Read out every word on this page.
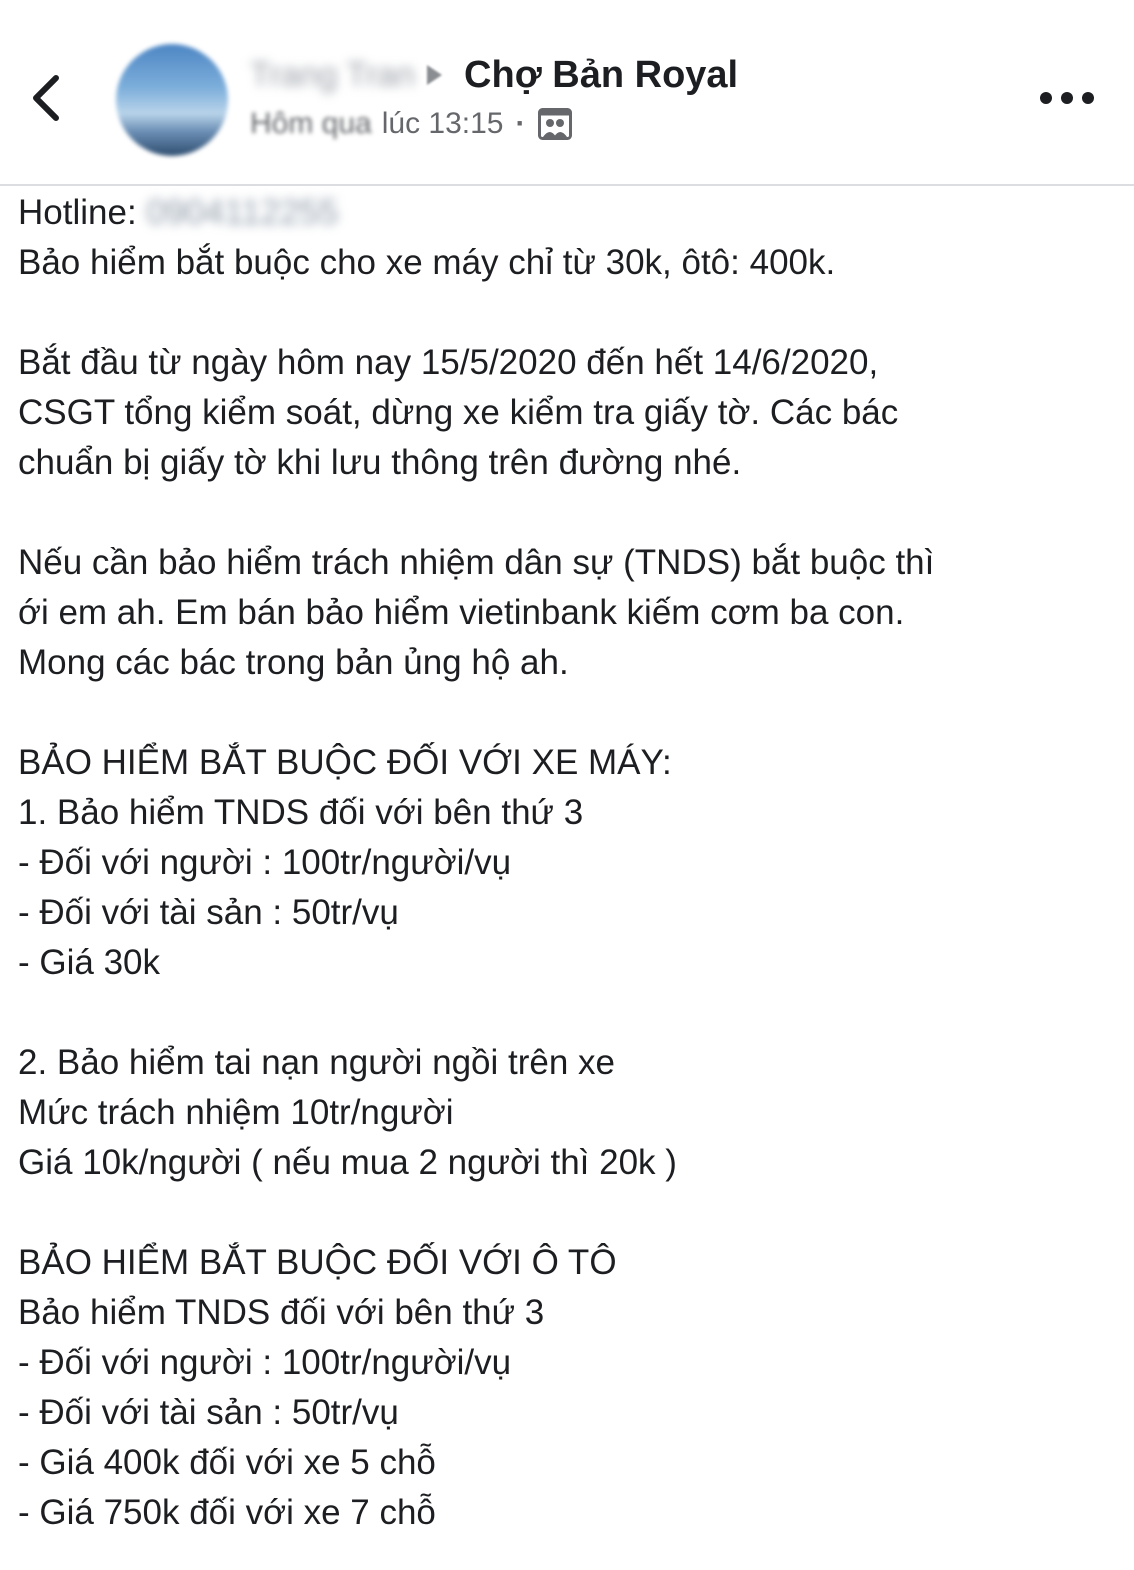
Trang Tran Chợ Bản Royal
Hôm qua lúc 13:15 ·
Hotline: 0904112255
Bảo hiểm bắt buộc cho xe máy chỉ từ 30k, ôtô: 400k.
Bắt đầu từ ngày hôm nay 15/5/2020 đến hết 14/6/2020,
CSGT tổng kiểm soát, dừng xe kiểm tra giấy tờ. Các bác
chuẩn bị giấy tờ khi lưu thông trên đường nhé.
Nếu cần bảo hiểm trách nhiệm dân sự (TNDS) bắt buộc thì
ới em ah. Em bán bảo hiểm vietinbank kiếm cơm ba con.
Mong các bác trong bản ủng hộ ah.
BẢO HIỂM BẮT BUỘC ĐỐI VỚI XE MÁY:
1. Bảo hiểm TNDS đối với bên thứ 3
- Đối với người : 100tr/người/vụ
- Đối với tài sản : 50tr/vụ
- Giá 30k
2. Bảo hiểm tai nạn người ngồi trên xe
Mức trách nhiệm 10tr/người
Giá 10k/người ( nếu mua 2 người thì 20k )
BẢO HIỂM BẮT BUỘC ĐỐI VỚI Ô TÔ
Bảo hiểm TNDS đối với bên thứ 3
- Đối với người : 100tr/người/vụ
- Đối với tài sản : 50tr/vụ
- Giá 400k đối với xe 5 chỗ
- Giá 750k đối với xe 7 chỗ
